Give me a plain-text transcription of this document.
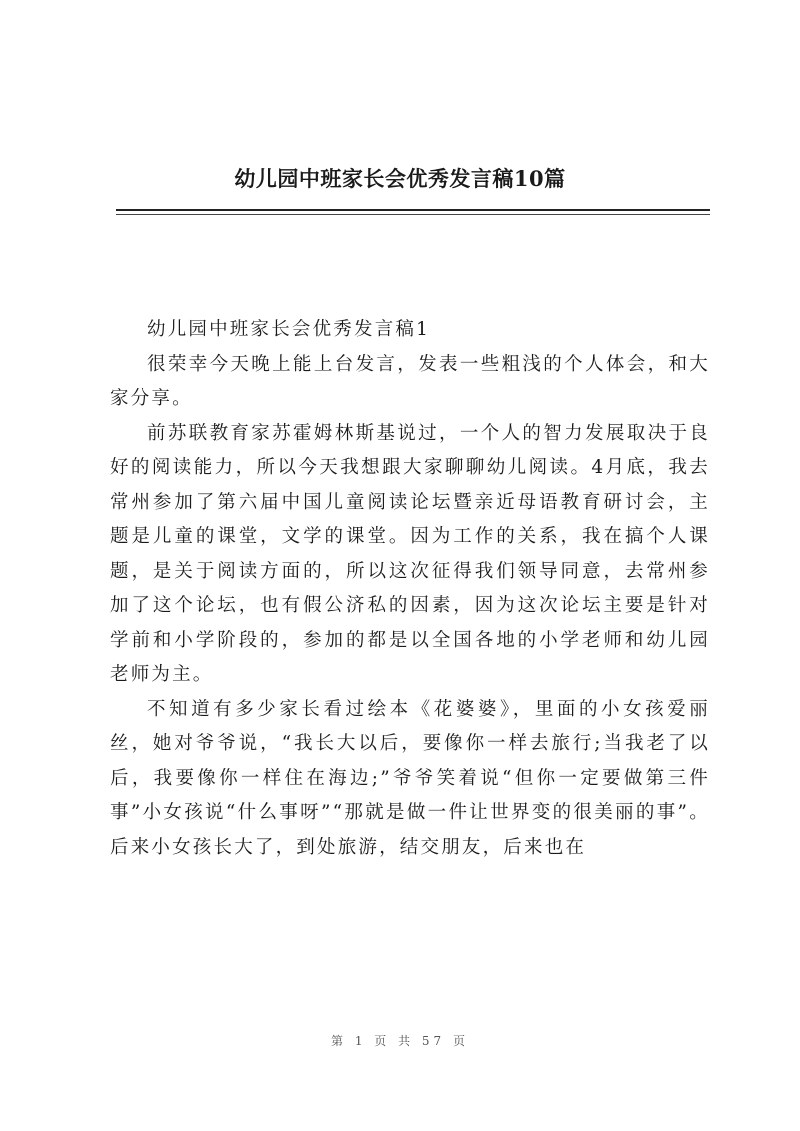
幼儿园中班家长会优秀发言稿10篇

幼儿园中班家长会优秀发言稿1

很荣幸今天晚上能上台发言，发表一些粗浅的个人体会，和大家分享。

前苏联教育家苏霍姆林斯基说过，一个人的智力发展取决于良好的阅读能力，所以今天我想跟大家聊聊幼儿阅读。4月底，我去常州参加了第六届中国儿童阅读论坛暨亲近母语教育研讨会，主题是儿童的课堂，文学的课堂。因为工作的关系，我在搞个人课题，是关于阅读方面的，所以这次征得我们领导同意，去常州参加了这个论坛，也有假公济私的因素，因为这次论坛主要是针对学前和小学阶段的，参加的都是以全国各地的小学老师和幼儿园老师为主。

不知道有多少家长看过绘本《花婆婆》，里面的小女孩爱丽丝，她对爷爷说，“我长大以后，要像你一样去旅行;当我老了以后，我要像你一样住在海边;”爷爷笑着说“但你一定要做第三件事”小女孩说“什么事呀”“那就是做一件让世界变的很美丽的事”。后来小女孩长大了，到处旅游，结交朋友，后来也在

第 1 页 共 57 页
